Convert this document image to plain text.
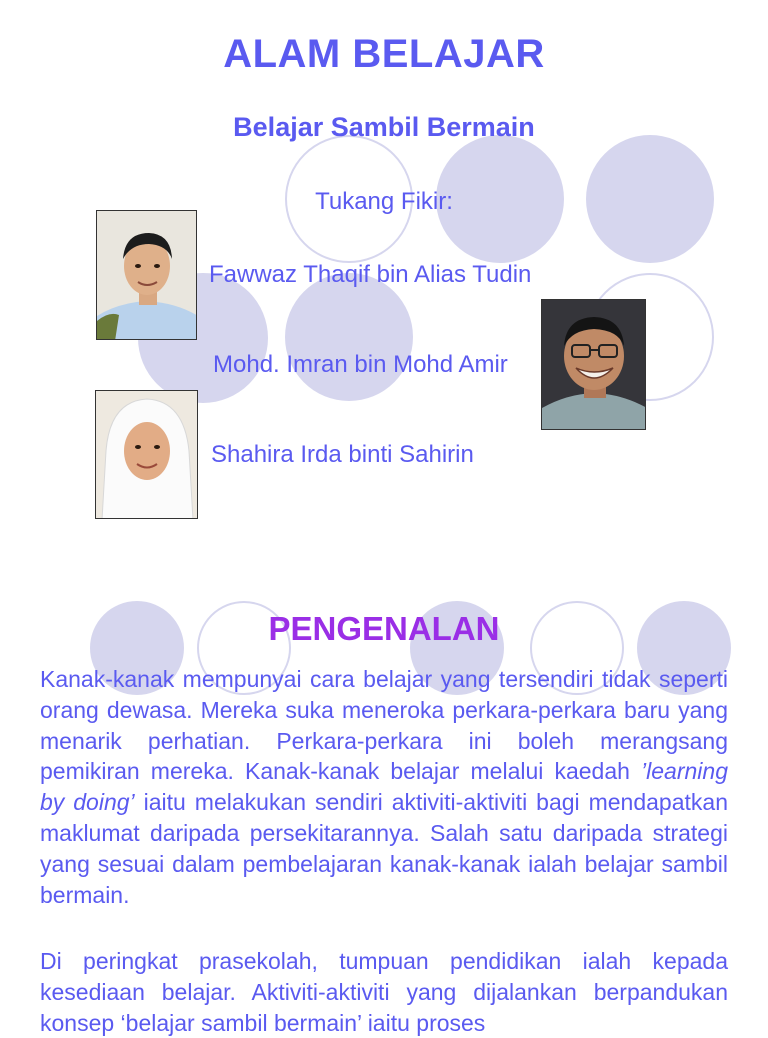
ALAM BELAJAR
Belajar Sambil Bermain
Tukang Fikir:
Fawwaz Thaqif bin Alias Tudin
Mohd. Imran bin Mohd Amir
Shahira Irda binti Sahirin
PENGENALAN

Kanak-kanak mempunyai cara belajar yang tersendiri tidak seperti orang dewasa. Mereka suka meneroka perkara-perkara baru yang menarik perhatian. Perkara-perkara ini boleh merangsang pemikiran mereka. Kanak-kanak belajar melalui kaedah ’learning by doing’ iaitu melakukan sendiri aktiviti-aktiviti bagi mendapatkan maklumat daripada persekitarannya. Salah satu daripada strategi yang sesuai dalam pembelajaran kanak-kanak ialah belajar sambil bermain.

Di peringkat prasekolah, tumpuan pendidikan ialah kepada kesediaan belajar. Aktiviti-aktiviti yang dijalankan berpandukan konsep ‘belajar sambil bermain’ iaitu proses
